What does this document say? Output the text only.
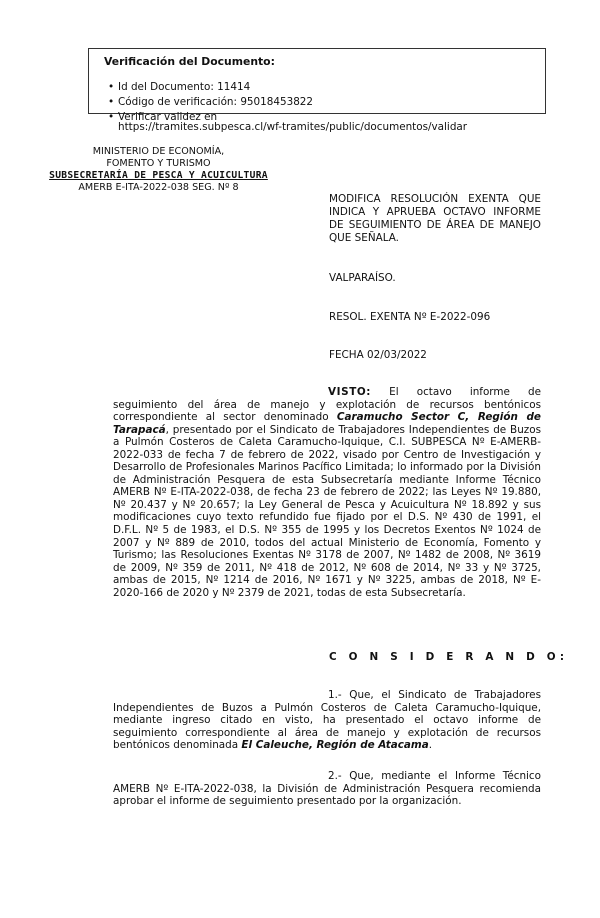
Verificación del Documento:
• Id del Documento: 11414
• Código de verificación: 95018453822
• Verificar validez en
https://tramites.subpesca.cl/wf-tramites/public/documentos/validar
MINISTERIO DE ECONOMÍA,
FOMENTO Y TURISMO
SUBSECRETARÍA DE PESCA Y ACUICULTURA
AMERB E-ITA-2022-038 SEG. Nº 8
MODIFICA RESOLUCIÓN EXENTA QUE INDICA Y APRUEBA OCTAVO INFORME DE SEGUIMIENTO DE ÁREA DE MANEJO QUE SEÑALA.
VALPARAÍSO.
RESOL. EXENTA Nº E-2022-096
FECHA 02/03/2022

VISTO: El octavo informe de seguimiento del área de manejo y explotación de recursos bentónicos correspondiente al sector denominado Caramucho Sector C, Región de Tarapacá, presentado por el Sindicato de Trabajadores Independientes de Buzos a Pulmón Costeros de Caleta Caramucho-Iquique, C.I. SUBPESCA Nº E-AMERB-2022-033 de fecha 7 de febrero de 2022, visado por Centro de Investigación y Desarrollo de Profesionales Marinos Pacífico Limitada; lo informado por la División de Administración Pesquera de esta Subsecretaría mediante Informe Técnico AMERB Nº E-ITA-2022-038, de fecha 23 de febrero de 2022; las Leyes Nº 19.880, Nº 20.437 y Nº 20.657; la Ley General de Pesca y Acuicultura Nº 18.892 y sus modificaciones cuyo texto refundido fue fijado por el D.S. Nº 430 de 1991, el D.F.L. Nº 5 de 1983, el D.S. Nº 355 de 1995 y los Decretos Exentos Nº 1024 de 2007 y Nº 889 de 2010, todos del actual Ministerio de Economía, Fomento y Turismo; las Resoluciones Exentas Nº 3178 de 2007, Nº 1482 de 2008, Nº 3619 de 2009, Nº 359 de 2011, Nº 418 de 2012, Nº 608 de 2014, Nº 33 y Nº 3725, ambas de 2015, Nº 1214 de 2016, Nº 1671 y Nº 3225, ambas de 2018, Nº E-2020-166 de 2020 y Nº 2379 de 2021, todas de esta Subsecretaría.

C O N S I D E R A N D O:

1.- Que, el Sindicato de Trabajadores Independientes de Buzos a Pulmón Costeros de Caleta Caramucho-Iquique, mediante ingreso citado en visto, ha presentado el octavo informe de seguimiento correspondiente al área de manejo y explotación de recursos bentónicos denominada El Caleuche, Región de Atacama.

2.- Que, mediante el Informe Técnico AMERB Nº E-ITA-2022-038, la División de Administración Pesquera recomienda aprobar el informe de seguimiento presentado por la organización.
